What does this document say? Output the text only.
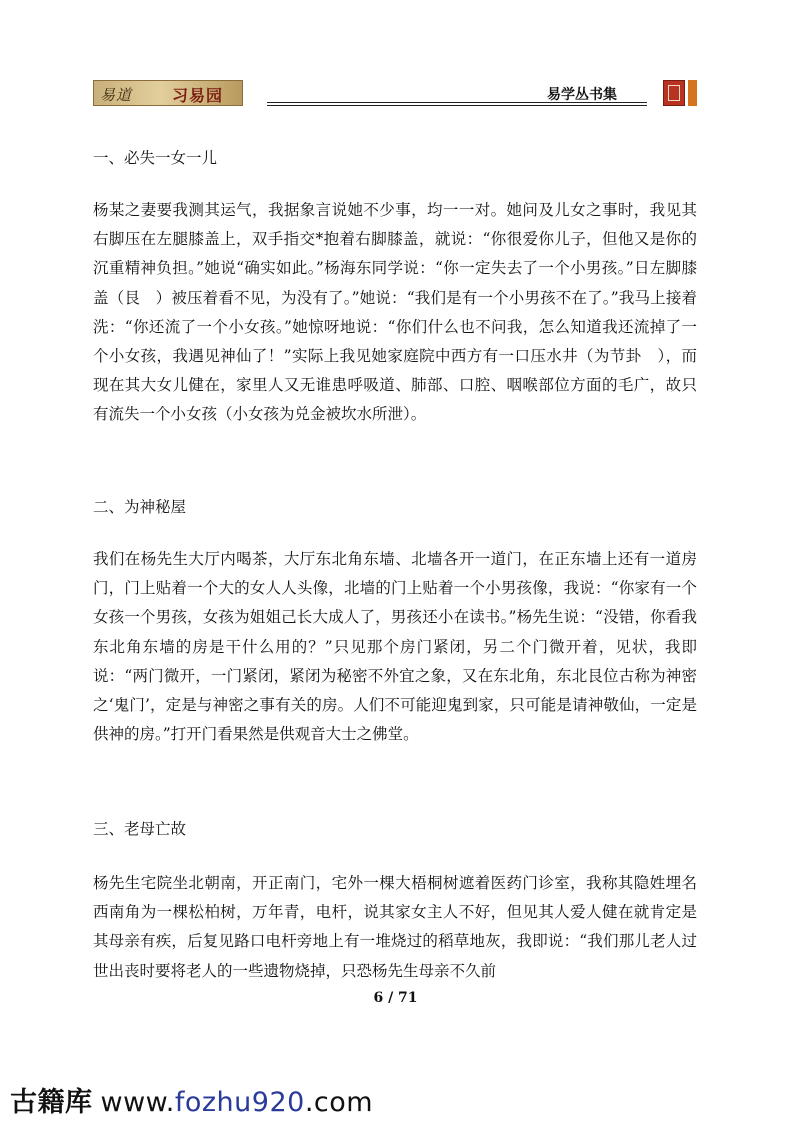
易道 习易园	易学丛书集
一、必失一女一儿
杨某之妻要我测其运气，我据象言说她不少事，均一一对。她问及儿女之事时，我见其右脚压在左腿膝盖上，双手指交*抱着右脚膝盖，就说：“你很爱你儿子，但他又是你的沉重精神负担。”她说“确实如此。”杨海东同学说：“你一定失去了一个小男孩。”日左脚膝盖（艮　）被压着看不见，为没有了。”她说：“我们是有一个小男孩不在了。”我马上接着洗：“你还流了一个小女孩。”她惊呀地说：“你们什么也不问我，怎么知道我还流掉了一个小女孩，我遇见神仙了！”实际上我见她家庭院中西方有一口压水井（为节卦　），而现在其大女儿健在，家里人又无谁患呼吸道、肺部、口腔、咽喉部位方面的毛广，故只有流失一个小女孩（小女孩为兑金被坎水所泄）。
二、为神秘屋
我们在杨先生大厅内喝茶，大厅东北角东墙、北墙各开一道门，在正东墙上还有一道房门，门上贴着一个大的女人人头像，北墙的门上贴着一个小男孩像，我说：“你家有一个女孩一个男孩，女孩为姐姐己长大成人了，男孩还小在读书。”杨先生说：“没错，你看我东北角东墙的房是干什么用的？”只见那个房门紧闭，另二个门微开着，见状，我即说：“两门微开，一门紧闭，紧闭为秘密不外宜之象，又在东北角，东北艮位古称为神密之‘鬼门’，定是与神密之事有关的房。人们不可能迎鬼到家，只可能是请神敬仙，一定是供神的房。”打开门看果然是供观音大士之佛堂。
三、老母亡故
杨先生宅院坐北朝南，开正南门，宅外一棵大梧桐树遮着医药门诊室，我称其隐姓埋名西南角为一棵松柏树，万年青，电杆，说其家女主人不好，但见其人爱人健在就肯定是其母亲有疾，后复见路口电杆旁地上有一堆烧过的稻草地灰，我即说：“我们那儿老人过世出丧时要将老人的一些遗物烧掉，只恐杨先生母亲不久前
6 / 71
古籍库 www.fozhu920.com
